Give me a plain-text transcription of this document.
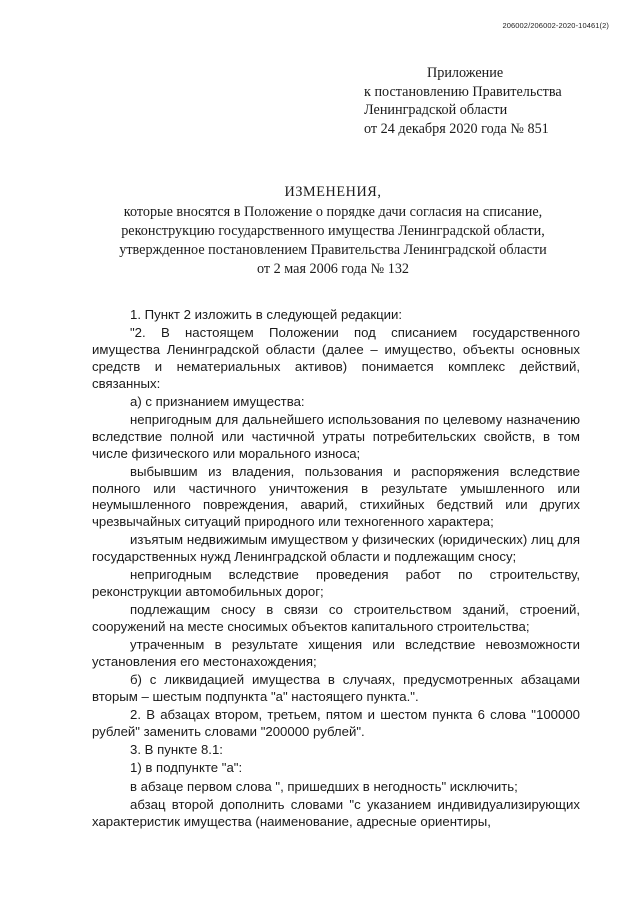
206002/206002-2020-10461(2)
Приложение
к постановлению Правительства
Ленинградской области
от 24 декабря 2020 года № 851
ИЗМЕНЕНИЯ,
которые вносятся в Положение о порядке дачи согласия на списание,
реконструкцию государственного имущества Ленинградской области,
утвержденное постановлением Правительства Ленинградской области
от 2 мая 2006 года № 132

1. Пункт 2 изложить в следующей редакции:

"2. В настоящем Положении под списанием государственного имущества Ленинградской области (далее – имущество, объекты основных средств и нематериальных активов) понимается комплекс действий, связанных:

а) с признанием имущества:

непригодным для дальнейшего использования по целевому назначению вследствие полной или частичной утраты потребительских свойств, в том числе физического или морального износа;

выбывшим из владения, пользования и распоряжения вследствие полного или частичного уничтожения в результате умышленного или неумышленного повреждения, аварий, стихийных бедствий или других чрезвычайных ситуаций природного или техногенного характера;

изъятым недвижимым имуществом у физических (юридических) лиц для государственных нужд Ленинградской области и подлежащим сносу;

непригодным вследствие проведения работ по строительству, реконструкции автомобильных дорог;

подлежащим сносу в связи со строительством зданий, строений, сооружений на месте сносимых объектов капитального строительства;

утраченным в результате хищения или вследствие невозможности установления его местонахождения;

б) с ликвидацией имущества в случаях, предусмотренных абзацами вторым – шестым подпункта "а" настоящего пункта.".

2. В абзацах втором, третьем, пятом и шестом пункта 6 слова "100000 рублей" заменить словами "200000 рублей".

3. В пункте 8.1:

1) в подпункте "а":

в абзаце первом слова ", пришедших в негодность" исключить;

абзац второй дополнить словами "с указанием индивидуализирующих характеристик имущества (наименование, адресные ориентиры,
